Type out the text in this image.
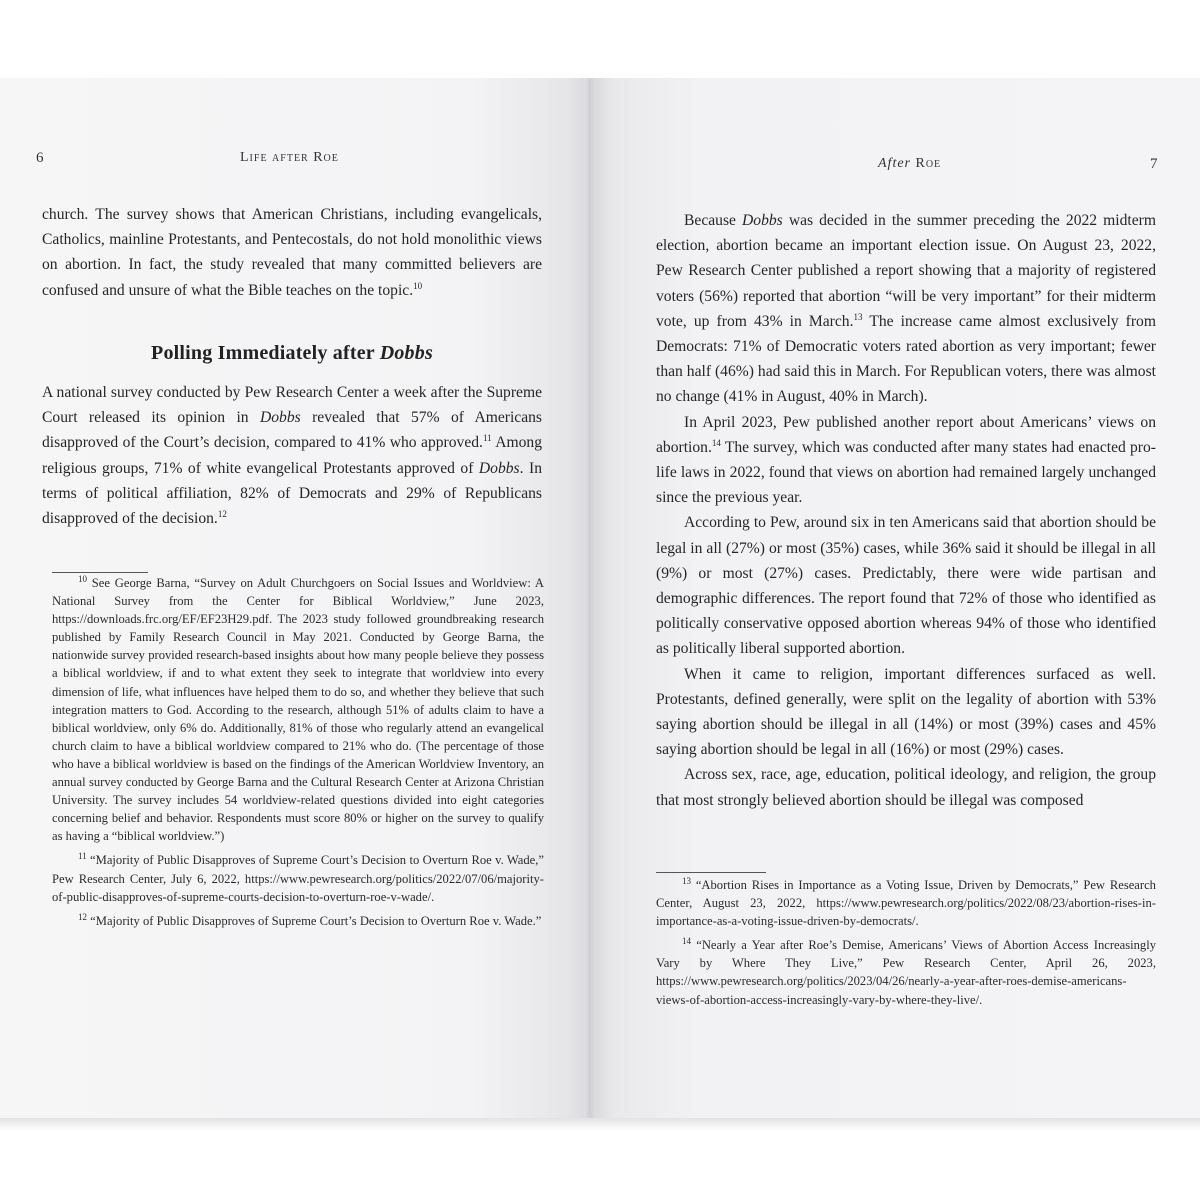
6	Life after Roe

church. The survey shows that American Christians, including evangelicals, Catholics, mainline Protestants, and Pentecostals, do not hold monolithic views on abortion. In fact, the study revealed that many committed believers are confused and unsure of what the Bible teaches on the topic.$^{10}$

Polling Immediately after Dobbs

A national survey conducted by Pew Research Center a week after the Supreme Court released its opinion in Dobbs revealed that 57% of Americans disapproved of the Court’s decision, compared to 41% who approved.$^{11}$ Among religious groups, 71% of white evangelical Protestants approved of Dobbs. In terms of political affiliation, 82% of Democrats and 29% of Republicans disapproved of the decision.$^{12}$

$^{10}$ See George Barna, “Survey on Adult Churchgoers on Social Issues and Worldview: A National Survey from the Center for Biblical Worldview,” June 2023, https://downloads.frc.org/EF/EF23H29.pdf. The 2023 study followed groundbreaking research published by Family Research Council in May 2021. Conducted by George Barna, the nationwide survey provided research-based insights about how many people believe they possess a biblical worldview, if and to what extent they seek to integrate that worldview into every dimension of life, what influences have helped them to do so, and whether they believe that such integration matters to God. According to the research, although 51% of adults claim to have a biblical worldview, only 6% do. Additionally, 81% of those who regularly attend an evangelical church claim to have a biblical worldview compared to 21% who do. (The percentage of those who have a biblical worldview is based on the findings of the American Worldview Inventory, an annual survey conducted by George Barna and the Cultural Research Center at Arizona Christian University. The survey includes 54 worldview-related questions divided into eight categories concerning belief and behavior. Respondents must score 80% or higher on the survey to qualify as having a “biblical worldview.”)

$^{11}$ “Majority of Public Disapproves of Supreme Court’s Decision to Overturn Roe v. Wade,” Pew Research Center, July 6, 2022, https://www.pewresearch.org/politics/2022/07/06/majority-of-public-disapproves-of-supreme-courts-decision-to-overturn-roe-v-wade/.

$^{12}$ “Majority of Public Disapproves of Supreme Court’s Decision to Overturn Roe v. Wade.”

After Roe	7

Because Dobbs was decided in the summer preceding the 2022 midterm election, abortion became an important election issue. On August 23, 2022, Pew Research Center published a report showing that a majority of registered voters (56%) reported that abortion “will be very important” for their midterm vote, up from 43% in March.$^{13}$ The increase came almost exclusively from Democrats: 71% of Democratic voters rated abortion as very important; fewer than half (46%) had said this in March. For Republican voters, there was almost no change (41% in August, 40% in March).

In April 2023, Pew published another report about Americans’ views on abortion.$^{14}$ The survey, which was conducted after many states had enacted pro-life laws in 2022, found that views on abortion had remained largely unchanged since the previous year.

According to Pew, around six in ten Americans said that abortion should be legal in all (27%) or most (35%) cases, while 36% said it should be illegal in all (9%) or most (27%) cases. Predictably, there were wide partisan and demographic differences. The report found that 72% of those who identified as politically conservative opposed abortion whereas 94% of those who identified as politically liberal supported abortion.

When it came to religion, important differences surfaced as well. Protestants, defined generally, were split on the legality of abortion with 53% saying abortion should be illegal in all (14%) or most (39%) cases and 45% saying abortion should be legal in all (16%) or most (29%) cases.

Across sex, race, age, education, political ideology, and religion, the group that most strongly believed abortion should be illegal was composed

$^{13}$ “Abortion Rises in Importance as a Voting Issue, Driven by Democrats,” Pew Research Center, August 23, 2022, https://www.pewresearch.org/politics/2022/08/23/abortion-rises-in-importance-as-a-voting-issue-driven-by-democrats/.

$^{14}$ “Nearly a Year after Roe’s Demise, Americans’ Views of Abortion Access Increasingly Vary by Where They Live,” Pew Research Center, April 26, 2023, https://www.pewresearch.org/politics/2023/04/26/nearly-a-year-after-roes-demise-americans-views-of-abortion-access-increasingly-vary-by-where-they-live/.
